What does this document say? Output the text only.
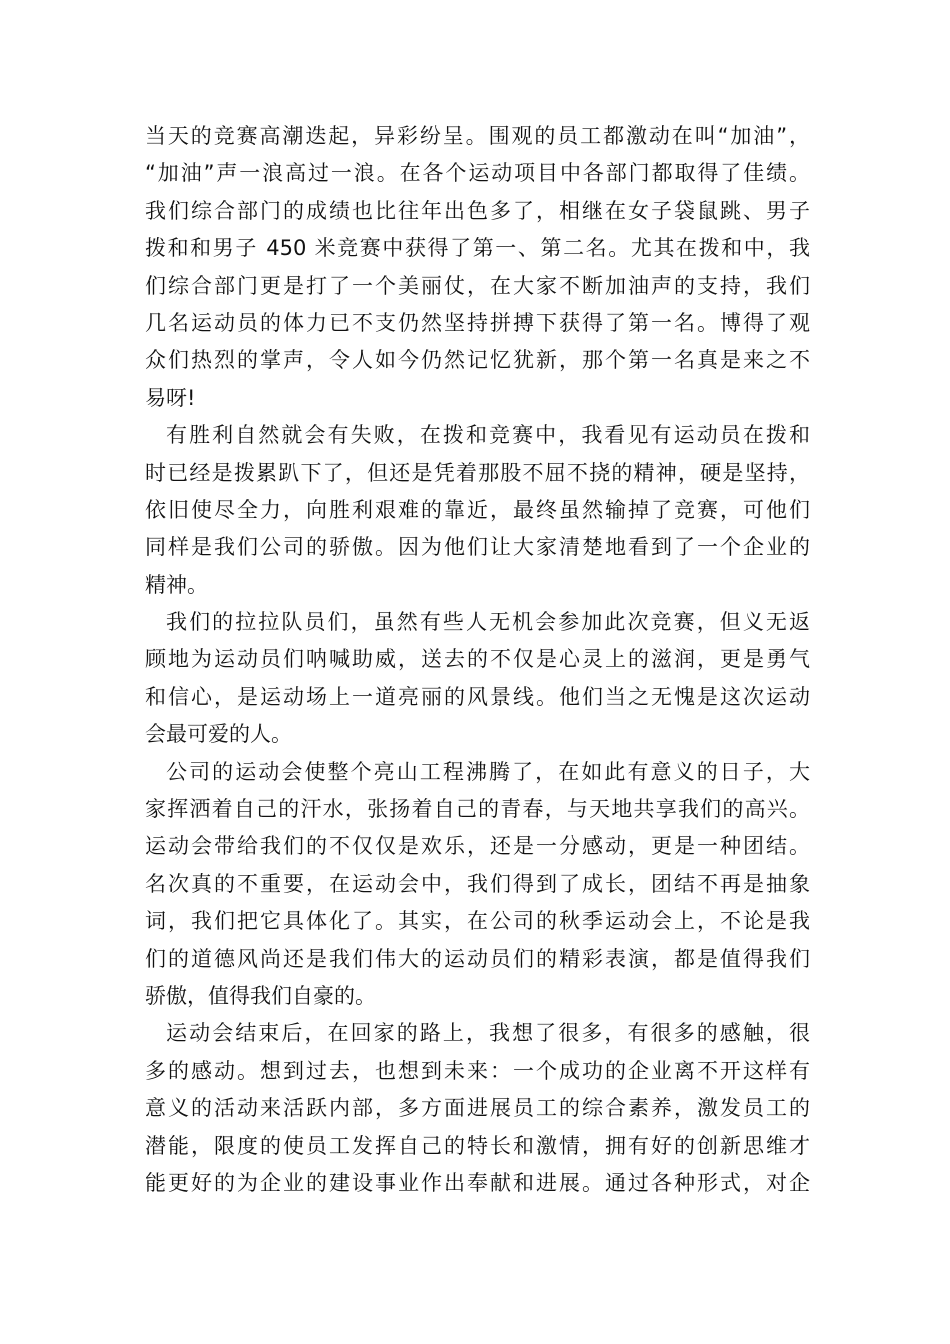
当天的竞赛高潮迭起，异彩纷呈。围观的员工都激动在叫“加油”，
“加油”声一浪高过一浪。在各个运动项目中各部门都取得了佳绩。
我们综合部门的成绩也比往年出色多了，相继在女子袋鼠跳、男子
拨和和男子 450 米竞赛中获得了第一、第二名。尤其在拨和中，我
们综合部门更是打了一个美丽仗，在大家不断加油声的支持，我们
几名运动员的体力已不支仍然坚持拼搏下获得了第一名。博得了观
众们热烈的掌声，令人如今仍然记忆犹新，那个第一名真是来之不
易呀!
有胜利自然就会有失败，在拨和竞赛中，我看见有运动员在拨和
时已经是拨累趴下了，但还是凭着那股不屈不挠的精神，硬是坚持，
依旧使尽全力，向胜利艰难的靠近，最终虽然输掉了竞赛，可他们
同样是我们公司的骄傲。因为他们让大家清楚地看到了一个企业的
精神。
我们的拉拉队员们，虽然有些人无机会参加此次竞赛，但义无返
顾地为运动员们呐喊助威，送去的不仅是心灵上的滋润，更是勇气
和信心，是运动场上一道亮丽的风景线。他们当之无愧是这次运动
会最可爱的人。
公司的运动会使整个亮山工程沸腾了，在如此有意义的日子，大
家挥洒着自己的汗水，张扬着自己的青春，与天地共享我们的高兴。
运动会带给我们的不仅仅是欢乐，还是一分感动，更是一种团结。
名次真的不重要，在运动会中，我们得到了成长，团结不再是抽象
词，我们把它具体化了。其实，在公司的秋季运动会上，不论是我
们的道德风尚还是我们伟大的运动员们的精彩表演，都是值得我们
骄傲，值得我们自豪的。
运动会结束后，在回家的路上，我想了很多，有很多的感触，很
多的感动。想到过去，也想到未来：一个成功的企业离不开这样有
意义的活动来活跃内部，多方面进展员工的综合素养，激发员工的
潜能，限度的使员工发挥自己的特长和激情，拥有好的创新思维才
能更好的为企业的建设事业作出奉献和进展。通过各种形式，对企
